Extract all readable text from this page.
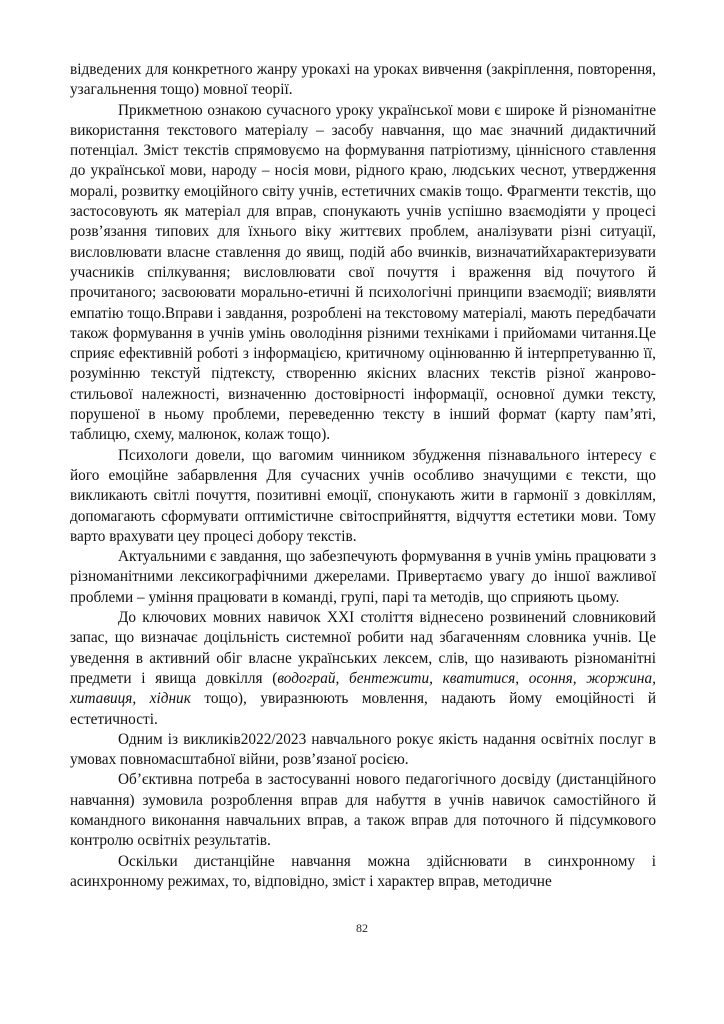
відведених для конкретного жанру урокахі на уроках вивчення (закріплення, повторення, узагальнення тощо) мовної теорії.

Прикметною ознакою сучасного уроку української мови є широке й різноманітне використання текстового матеріалу – засобу навчання, що має значний дидактичний потенціал. Зміст текстів спрямовуємо на формування патріотизму, ціннісного ставлення до української мови, народу – носія мови, рідного краю, людських чеснот, утвердження моралі, розвитку емоційного світу учнів, естетичних смаків тощо. Фрагменти текстів, що застосовують як матеріал для вправ, спонукають учнів успішно взаємодіяти у процесі розвʼязання типових для їхнього віку життєвих проблем, аналізувати різні ситуації, висловлювати власне ставлення до явищ, подій або вчинків, визначатийхарактеризувати учасників спілкування; висловлювати свої почуття і враження від почутого й прочитаного; засвоювати морально-етичні й психологічні принципи взаємодії; виявляти емпатію тощо.Вправи і завдання, розроблені на текстовому матеріалі, мають передбачати також формування в учнів умінь оволодіння різними техніками і прийомами читання.Це сприяє ефективній роботі з інформацією, критичному оцінюванню й інтерпретуванню її, розумінню текстуй підтексту, створенню якісних власних текстів різної жанрово-стильової належності, визначенню достовірності інформації, основної думки тексту, порушеної в ньому проблеми, переведенню тексту в інший формат (карту пам’яті, таблицю, схему, малюнок, колаж тощо).

Психологи довели, що вагомим чинником збудження пізнавального інтересу є його емоційне забарвлення Для сучасних учнів особливо значущими є тексти, що викликають світлі почуття, позитивні емоції, спонукають жити в гармонії з довкіллям, допомагають сформувати оптимістичне світосприйняття, відчуття естетики мови. Тому варто врахувати цеу процесі добору текстів.

Актуальними є завдання, що забезпечують формування в учнів умінь працювати з різноманітними лексикографічними джерелами. Привертаємо увагу до іншої важливої проблеми – уміння працювати в команді, групі, парі та методів, що сприяють цьому.

До ключових мовних навичок XXI століття віднесено розвинений словниковий запас, що визначає доцільність системної робити над збагаченням словника учнів. Це уведення в активний обіг власне українських лексем, слів, що називають різноманітні предмети і явища довкілля (водограй, бентежити, кватитися, осоння, жоржина, хитавиця, хідник тощо), увиразнюють мовлення, надають йому емоційності й естетичності.

Одним із викликів2022/2023 навчального рокує якість надання освітніх послуг в умовах повномасштабної війни, розв’язаної росією.

Об’єктивна потреба в застосуванні нового педагогічного досвіду (дистанційного навчання) зумовила розроблення вправ для набуття в учнів навичок самостійного й командного виконання навчальних вправ, а також вправ для поточного й підсумкового контролю освітніх результатів.

Оскільки дистанційне навчання можна здійснювати в синхронному і асинхронному режимах, то, відповідно, зміст і характер вправ, методичне

82
